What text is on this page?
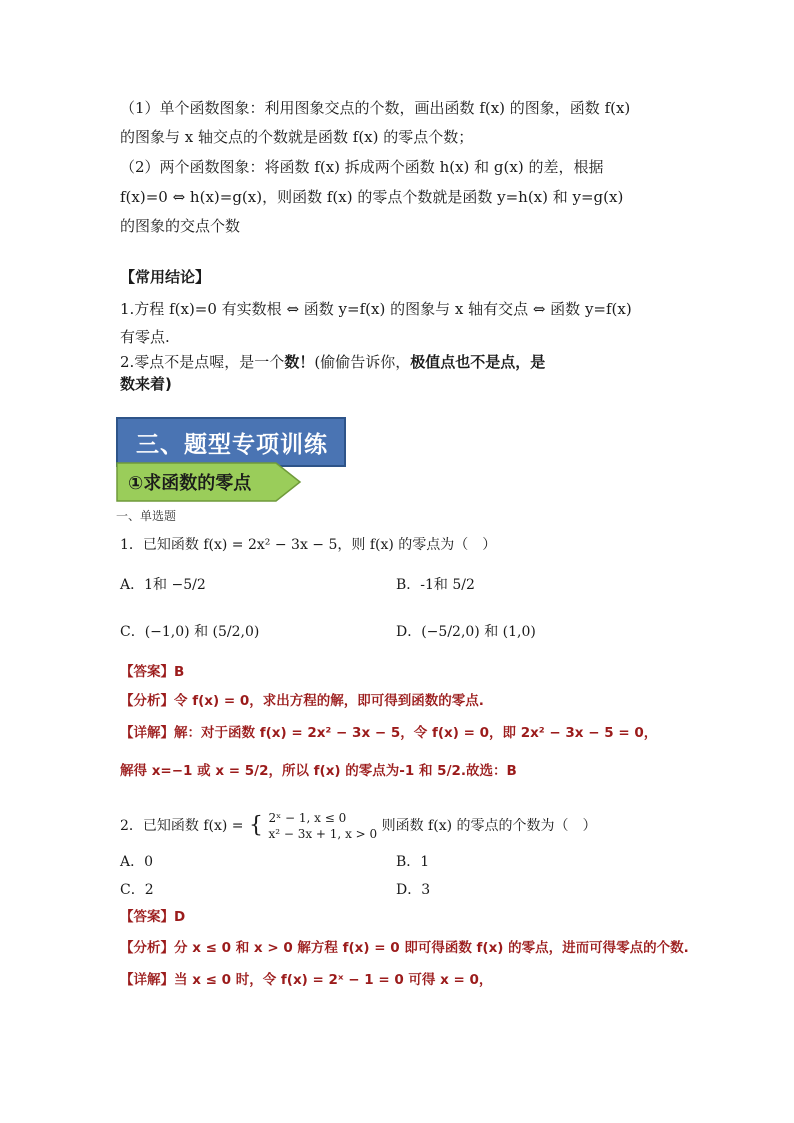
（1）单个函数图象：利用图象交点的个数，画出函数 f(x) 的图象，函数 f(x)
的图象与 x 轴交点的个数就是函数 f(x) 的零点个数；
（2）两个函数图象：将函数 f(x) 拆成两个函数 h(x) 和 g(x) 的差，根据
f(x)=0 ⇔ h(x)=g(x)，则函数 f(x) 的零点个数就是函数 y=h(x) 和 y=g(x)
的图象的交点个数
【常用结论】
1.方程 f(x)=0 有实数根 ⇔ 函数 y=f(x) 的图象与 x 轴有交点 ⇔ 函数 y=f(x)
有零点.
2.零点不是点喔，是一个数！(偷偷告诉你，极值点也不是点，是
数来着)
三、题型专项训练
①求函数的零点
一、单选题
1．已知函数 f(x) = 2x² − 3x − 5，则 f(x) 的零点为（　）
A．1和 −5/2	B．-1和 5/2
C．(−1,0) 和 (5/2,0)	D．(−5/2,0) 和 (1,0)
【答案】B
【分析】令 f(x) = 0，求出方程的解，即可得到函数的零点.
【详解】解：对于函数 f(x) = 2x² − 3x − 5，令 f(x) = 0，即 2x² − 3x − 5 = 0，
解得 x=−1 或 x = 5/2，所以 f(x) 的零点为-1 和 5/2.故选：B
2．已知函数 f(x) = { 2ˣ − 1, x ≤ 0
x² − 3x + 1, x > 0 则函数 f(x) 的零点的个数为（　）
A．0	B．1
C．2	D．3
【答案】D
【分析】分 x ≤ 0 和 x > 0 解方程 f(x) = 0 即可得函数 f(x) 的零点，进而可得零点的个数.
【详解】当 x ≤ 0 时，令 f(x) = 2ˣ − 1 = 0 可得 x = 0，
